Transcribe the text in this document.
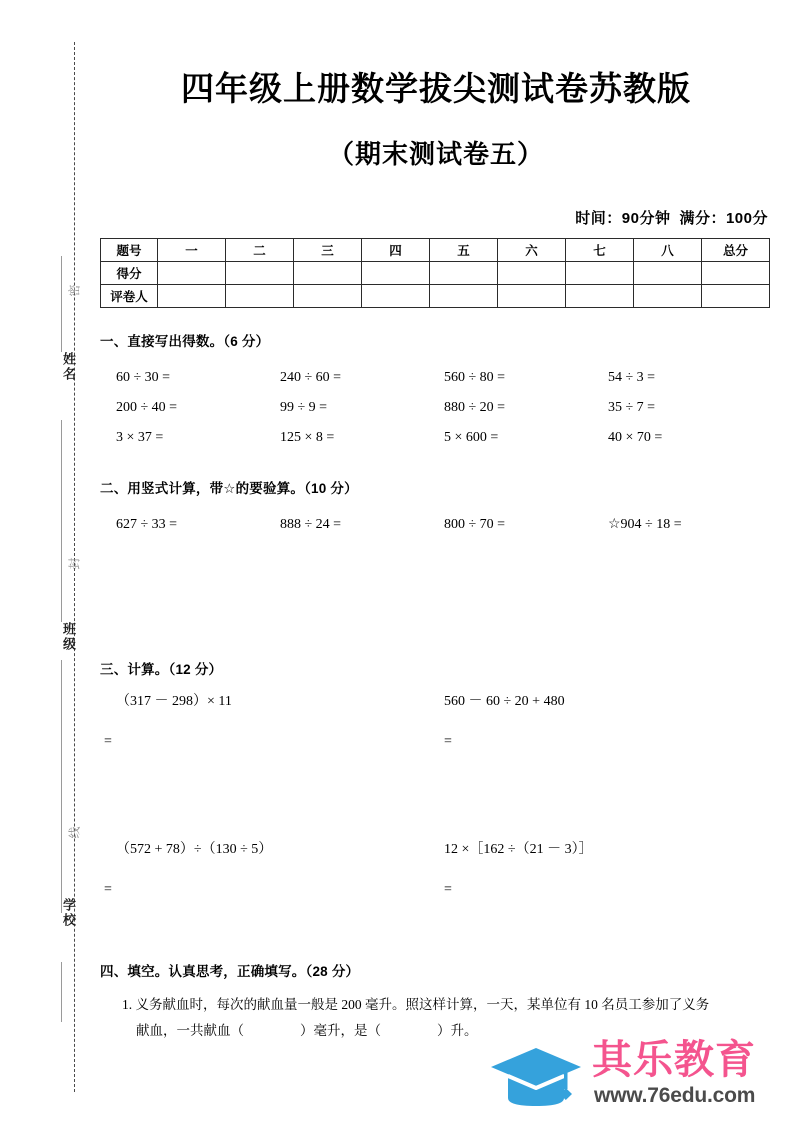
密
封
线
姓名
班级
学校
四年级上册数学拔尖测试卷苏教版
（期末测试卷五）
时间：90分钟 满分：100分
题号	一	二	三	四	五	六	七	八	总分
得分									
评卷人									
一、直接写出得数。（6 分）
60 ÷ 30 =	240 ÷ 60 =	560 ÷ 80 =	54 ÷ 3 =
200 ÷ 40 =	99 ÷ 9 =	880 ÷ 20 =	35 ÷ 7 =
3 × 37 =	125 × 8 =	5 × 600 =	40 × 70 =
二、用竖式计算，带☆的要验算。（10 分）
627 ÷ 33 =	888 ÷ 24 =	800 ÷ 70 =	☆904 ÷ 18 =
三、计算。（12 分）
（317 － 298）× 11
=
560 － 60 ÷ 20 + 480
=
（572 + 78）÷（130 ÷ 5）
=
12 ×［162 ÷（21 － 3）］
=
四、填空。认真思考，正确填写。（28 分）
1. 义务献血时，每次的献血量一般是 200 毫升。照这样计算，一天，某单位有 10 名员工参加了义务
献血，一共献血（	）毫升，是（	）升。
其乐教育
www.76edu.com
